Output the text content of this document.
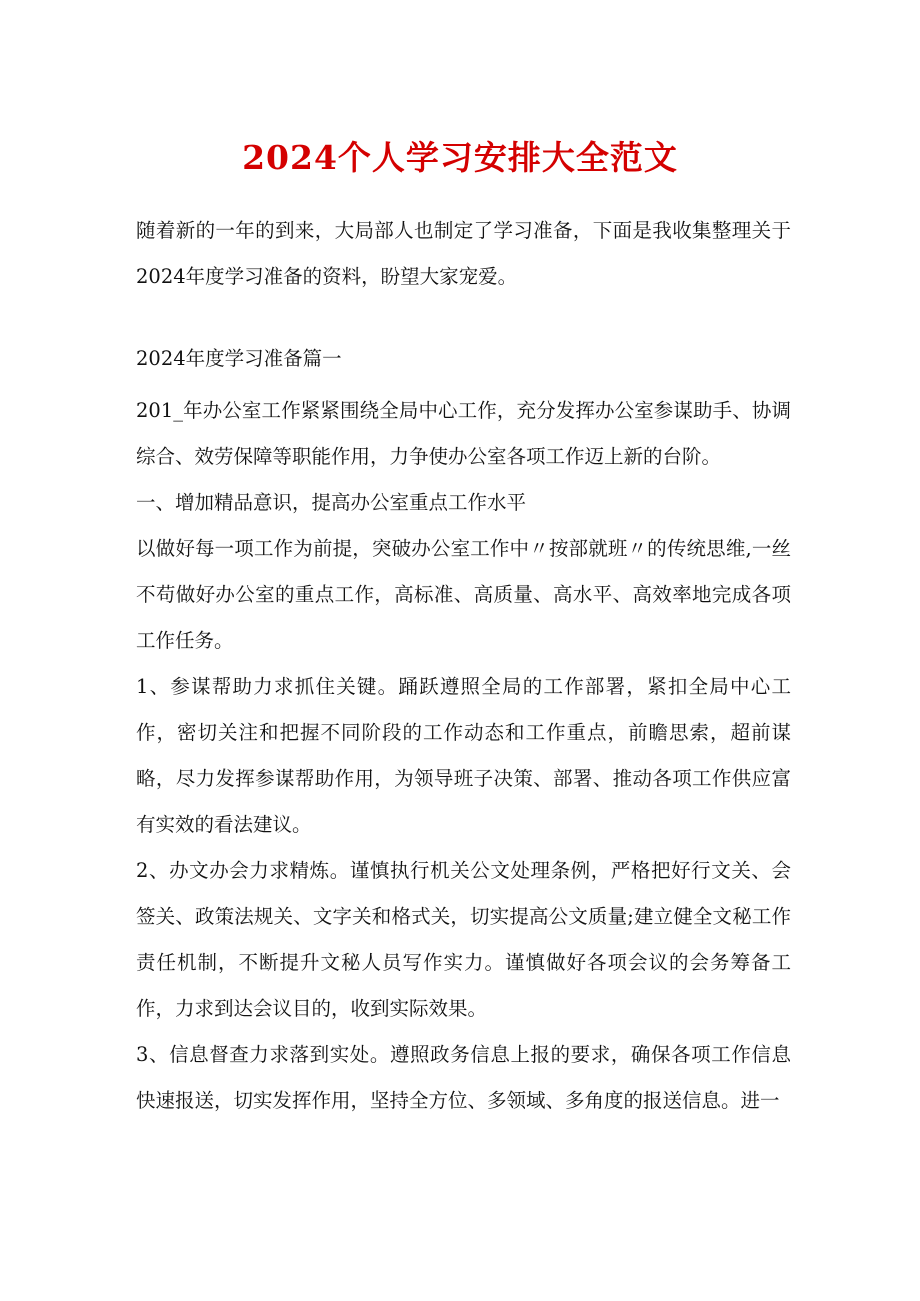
2024个人学习安排大全范文

随着新的一年的到来，大局部人也制定了学习准备，下面是我收集整理关于2024年度学习准备的资料，盼望大家宠爱。

2024年度学习准备篇一

201_年办公室工作紧紧围绕全局中心工作，充分发挥办公室参谋助手、协调综合、效劳保障等职能作用，力争使办公室各项工作迈上新的台阶。

一、增加精品意识，提高办公室重点工作水平

以做好每一项工作为前提，突破办公室工作中〃按部就班〃的传统思维,一丝不苟做好办公室的重点工作，高标准、高质量、高水平、高效率地完成各项工作任务。

1、参谋帮助力求抓住关键。踊跃遵照全局的工作部署，紧扣全局中心工作，密切关注和把握不同阶段的工作动态和工作重点，前瞻思索，超前谋略，尽力发挥参谋帮助作用，为领导班子决策、部署、推动各项工作供应富有实效的看法建议。

2、办文办会力求精炼。谨慎执行机关公文处理条例，严格把好行文关、会签关、政策法规关、文字关和格式关，切实提高公文质量;建立健全文秘工作责任机制，不断提升文秘人员写作实力。谨慎做好各项会议的会务筹备工作，力求到达会议目的，收到实际效果。

3、信息督查力求落到实处。遵照政务信息上报的要求，确保各项工作信息快速报送，切实发挥作用，坚持全方位、多领域、多角度的报送信息。进一
